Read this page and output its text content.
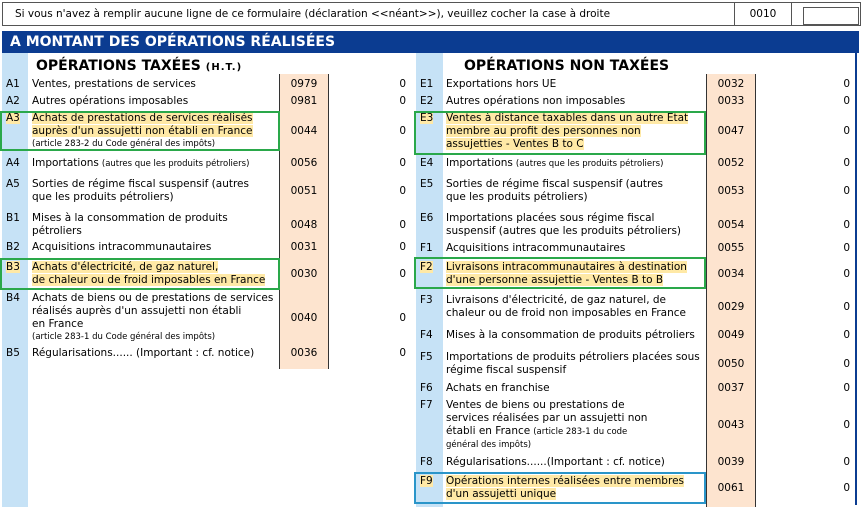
Si vous n'avez à remplir aucune ligne de ce formulaire (déclaration <<néant>>), veuillez cocher la case à droite	0010
A MONTANT DES OPÉRATIONS RÉALISÉES
OPÉRATIONS TAXÉES (H.T.)	OPÉRATIONS NON TAXÉES
A1 Ventes, prestations de services	0979	0
A2 Autres opérations imposables	0981	0
A3 Achats de prestations de services réalisés
auprès d'un assujetti non établi en France
(article 283-2 du Code général des impôts)
0044	0
A4 Importations (autres que les produits pétroliers)	0056	0
A5 Sorties de régime fiscal suspensif (autres
que les produits pétroliers)	0051	0
B1 Mises à la consommation de produits
pétroliers	0048	0
B2 Acquisitions intracommunautaires	0031	0
B3 Achats d'électricité, de gaz naturel,
de chaleur ou de froid imposables en France	0030	0
B4 Achats de biens ou de prestations de services
réalisés auprès d'un assujetti non établi
en France
(article 283-1 du Code général des impôts)
0040	0
B5 Régularisations...... (Important : cf. notice)	0036	0
E1 Exportations hors UE	0032	0
E2 Autres opérations non imposables	0033	0
E3 Ventes à distance taxables dans un autre Etat
membre au profit des personnes non
assujetties - Ventes B to C
0047	0
E4 Importations (autres que les produits pétroliers)	0052	0
E5 Sorties de régime fiscal suspensif (autres
que les produits pétroliers)	0053	0
E6 Importations placées sous régime fiscal
suspensif (autres que les produits pétroliers)	0054	0
F1 Acquisitions intracommunautaires	0055	0
F2 Livraisons intracommunautaires à destination
d'une personne assujettie - Ventes B to B	0034	0
F3 Livraisons d'électricité, de gaz naturel, de
chaleur ou de froid non imposables en France	0029	0
F4 Mises à la consommation de produits pétroliers	0049	0
F5 Importations de produits pétroliers placées sous
régime fiscal suspensif	0050	0
F6 Achats en franchise	0037	0
F7 Ventes de biens ou prestations de
services réalisées par un assujetti non
établi en France (article 283-1 du code
général des impôts)
0043	0
F8 Régularisations......(Important : cf. notice)	0039	0
F9 Opérations internes réalisées entre membres
d'un assujetti unique	0061	0
